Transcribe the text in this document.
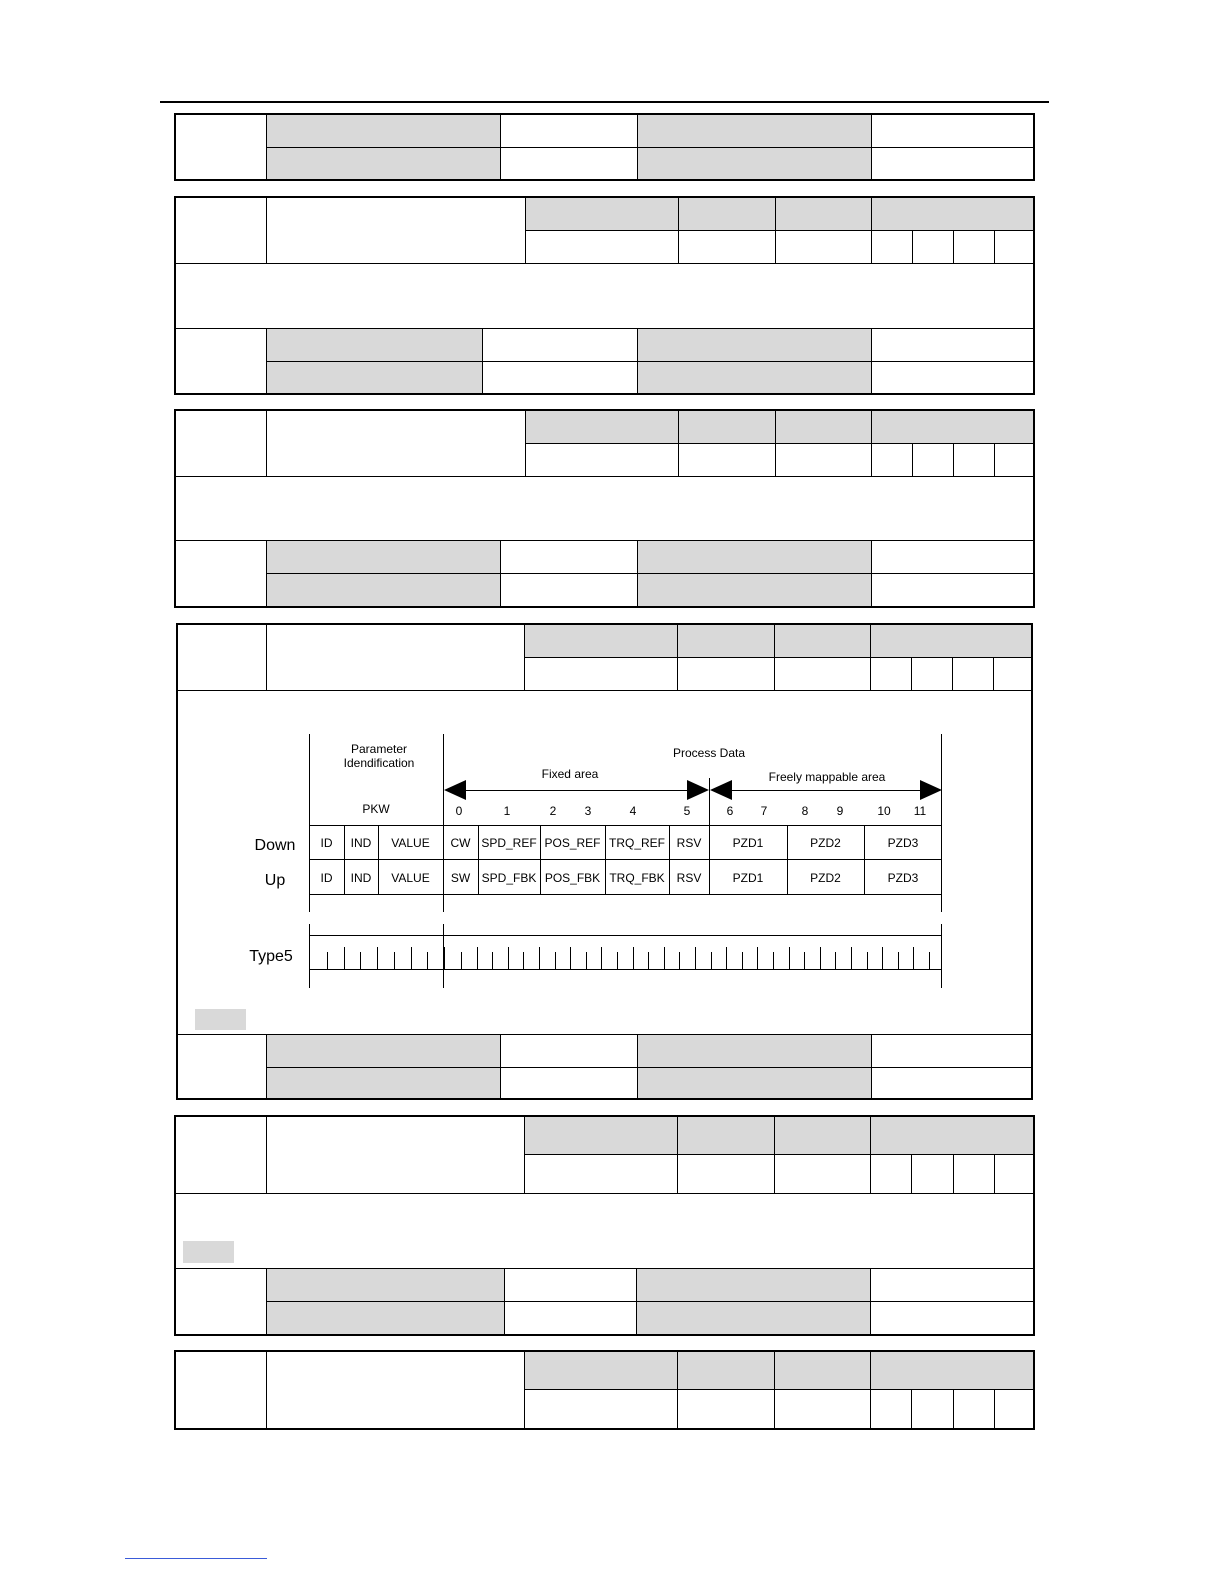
Parameter
Idendification
PKW
Process Data
Fixed area	Freely mappable area
Down
Up
Type5
0	1	2 3	4	5	6 7	8 9	10 11
ID IND VALUE CW SPD_REF POS_REF TRQ_REF RSV	PZD1	PZD2	PZD3
ID IND VALUE SW SPD_FBK POS_FBK TRQ_FBK RSV	PZD1	PZD2	PZD3
